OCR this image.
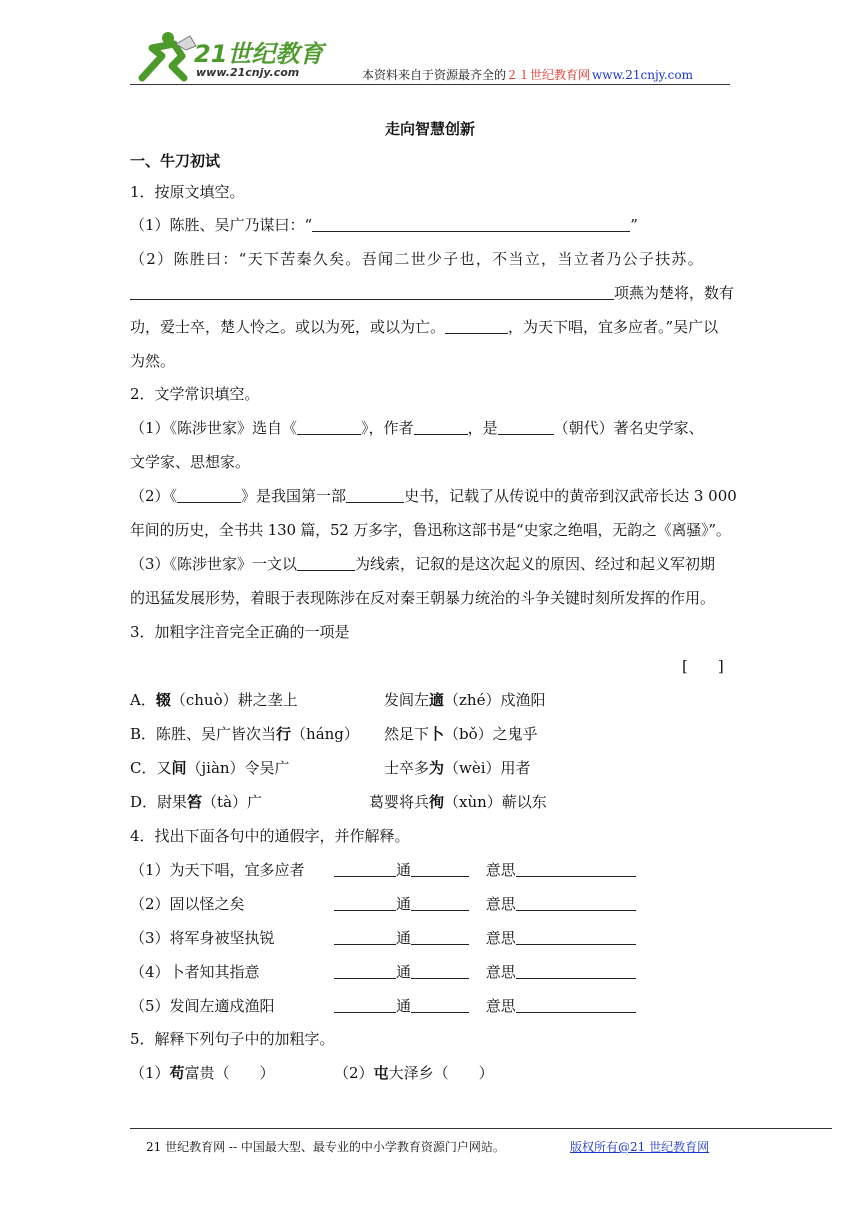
21世纪教育
www.21cnjy.com	本资料来自于资源最齐全的２１世纪教育网 www.21cnjy.com
走向智慧创新
一、牛刀初试
1．按原文填空。
（1）陈胜、吴广乃谋曰：“	”
（2）陈胜曰：“天下苦秦久矣。吾闻二世少子也，不当立，当立者乃公子扶苏。
项燕为楚将，数有
功，爱士卒，楚人怜之。或以为死，或以为亡。	，为天下唱，宜多应者。”吴广以
为然。
2．文学常识填空。
（1）《陈涉世家》选自《	》，作者	，是	（朝代）著名史学家、
文学家、思想家。
（2）《	》是我国第一部	史书，记载了从传说中的黄帝到汉武帝长达 3 000
年间的历史，全书共 130 篇，52 万多字，鲁迅称这部书是“史家之绝唱，无韵之《离骚》”。
（3）《陈涉世家》一文以	为线索，记叙的是这次起义的原因、经过和起义军初期
的迅猛发展形势，着眼于表现陈涉在反对秦王朝暴力统治的斗争关键时刻所发挥的作用。
3．加粗字注音完全正确的一项是
[　　]
A．辍（chuò）耕之垄上	发闾左適（zhé）戍渔阳
B．陈胜、吴广皆次当行（háng） 然足下卜（bǒ）之鬼乎
C．又间（jiàn）令吴广	士卒多为（wèi）用者
D．尉果笞（tà）广	葛婴将兵徇（xùn）蕲以东
4．找出下面各句中的通假字，并作解释。
（1）为天下唱，宜多应者	通	意思
（2）固以怪之矣	通	意思
（3）将军身被坚执锐	通	意思
（4）卜者知其指意	通	意思
（5）发闾左適戍渔阳	通	意思
5．解释下列句子中的加粗字。
（1）苟富贵（　　）	（2）屯大泽乡（　　）
21 世纪教育网 -- 中国最大型、最专业的中小学教育资源门户网站。	版权所有@21 世纪教育网
